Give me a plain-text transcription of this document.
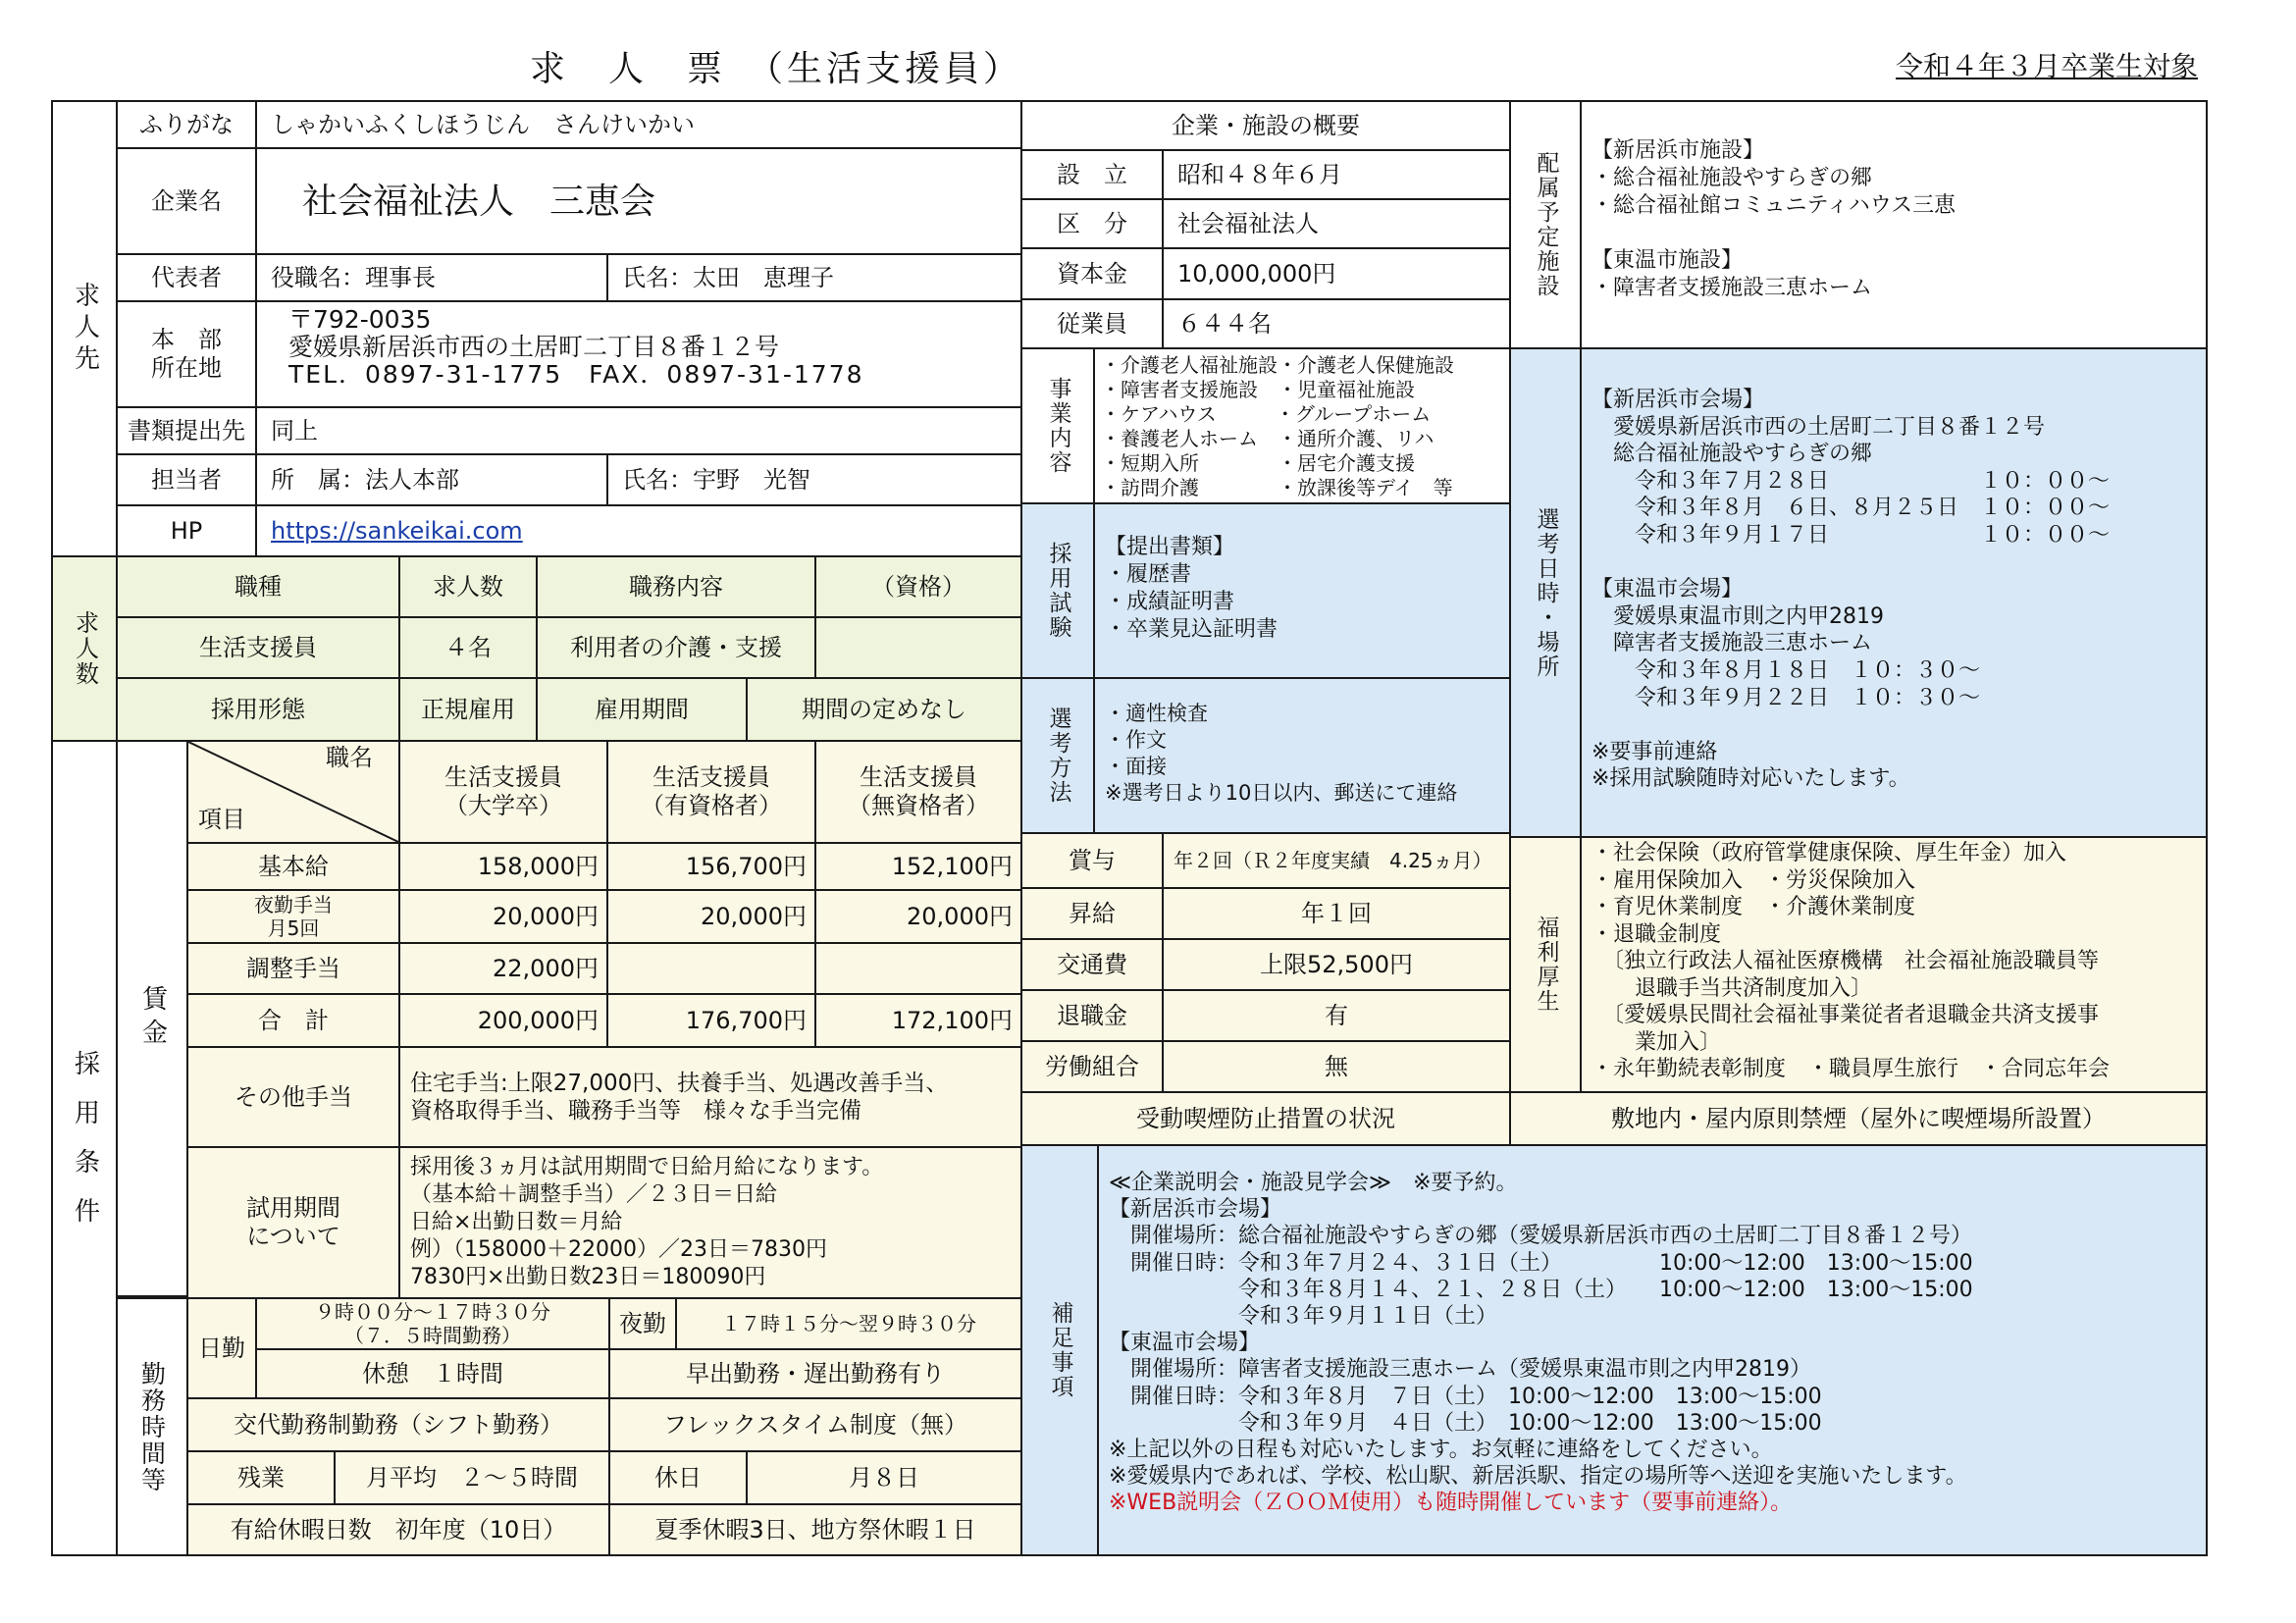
求　人　票　（生活支援員）	令和４年３月卒業生対象
求人先
ふりがな	しゃかいふくしほうじん　さんけいかい
企業名	社会福祉法人　三恵会
代表者	役職名：理事長	氏名：太田　恵理子
本　部
所在地
〒792-0035
愛媛県新居浜市西の土居町二丁目８番１２号
TEL．0897-31-1775　FAX．0897-31-1778
書類提出先	同上
担当者	所　属：法人本部	氏名：宇野　光智
HP	https://sankeikai.com
企業・施設の概要
設　立	昭和４８年６月
区　分	社会福祉法人
資本金	10,000,000円
従業員	６４４名
事業内容
・介護老人福祉施設・介護老人保健施設
・障害者支援施設　・児童福祉施設
・ケアハウス　　　・グループホーム
・養護老人ホーム　・通所介護、リハ
・短期入所　　　　・居宅介護支援
・訪問介護　　　　・放課後等デイ　等
配属予定施設
【新居浜市施設】
・総合福祉施設やすらぎの郷
・総合福祉館コミュニティハウス三恵

【東温市施設】
・障害者支援施設三恵ホーム
採用試験	【提出書類】
・履歴書
・成績証明書
・卒業見込証明書
選考方法	・適性検査
・作文
・面接
※選考日より10日以内、郵送にて連絡
選考日時・場所
【新居浜市会場】
　愛媛県新居浜市西の土居町二丁目８番１２号
　総合福祉施設やすらぎの郷
　　令和３年７月２８日　　　　　　　１０：００～
　　令和３年８月　６日、８月２５日　１０：００～
　　令和３年９月１７日　　　　　　　１０：００～

【東温市会場】
　愛媛県東温市則之内甲2819
　障害者支援施設三恵ホーム
　　令和３年８月１８日　１０：３０～
　　令和３年９月２２日　１０：３０～

※要事前連絡
※採用試験随時対応いたします。
求人数
職種	求人数	職務内容	（資格）
生活支援員	４名	利用者の介護・支援
採用形態	正規雇用	雇用期間	期間の定めなし
採用条件
賃金
職名
項目
生活支援員
（大学卒）
生活支援員
（有資格者）
生活支援員
（無資格者）
基本給	158,000円	156,700円	152,100円
夜勤手当
月5回	20,000円	20,000円	20,000円
調整手当	22,000円
合　計	200,000円	176,700円	172,100円
その他手当	住宅手当:上限27,000円、扶養手当、処遇改善手当、
資格取得手当、職務手当等　様々な手当完備
試用期間
について
採用後３ヵ月は試用期間で日給月給になります。
（基本給＋調整手当）／２３日＝日給
日給×出勤日数＝月給
例）（158000＋22000）／23日＝7830円
7830円×出勤日数23日＝180090円
賞与	年２回（Ｒ２年度実績　4.25ヵ月）
昇給	年１回
交通費	上限52,500円
退職金	有
労働組合	無
福利厚生
・社会保険（政府管掌健康保険、厚生年金）加入
・雇用保険加入　・労災保険加入
・育児休業制度　・介護休業制度
・退職金制度
　〔独立行政法人福祉医療機構　社会福祉施設職員等
　　退職手当共済制度加入〕
　〔愛媛県民間社会福祉事業従者者退職金共済支援事
　　業加入〕
・永年勤続表彰制度　・職員厚生旅行　・合同忘年会
受動喫煙防止措置の状況	敷地内・屋内原則禁煙（屋外に喫煙場所設置）
勤務時間等
日勤
９時００分～１７時３０分
（７．５時間勤務）	夜勤	１７時１５分～翌９時３０分
休憩　１時間	早出勤務・遅出勤務有り
交代勤務制勤務（シフト勤務）	フレックスタイム制度（無）
残業	月平均　２～５時間	休日	月８日
有給休暇日数　初年度（10日）	夏季休暇3日、地方祭休暇１日
補足事項
≪企業説明会・施設見学会≫　※要予約。
【新居浜市会場】
　開催場所：総合福祉施設やすらぎの郷（愛媛県新居浜市西の土居町二丁目８番１２号）
　開催日時：令和３年７月２４、３１日（土）　　　　　10:00～12:00　13:00～15:00
　　　　　　令和３年８月１４、２１、２８日（土）　　10:00～12:00　13:00～15:00
　　　　　　令和３年９月１１日（土）
【東温市会場】
　開催場所：障害者支援施設三恵ホーム（愛媛県東温市則之内甲2819）
　開催日時：令和３年８月　７日（土）　10:00～12:00　13:00～15:00
　　　　　　令和３年９月　４日（土）　10:00～12:00　13:00～15:00
※上記以外の日程も対応いたします。お気軽に連絡をしてください。
※愛媛県内であれば、学校、松山駅、新居浜駅、指定の場所等へ送迎を実施いたします。
※WEB説明会（ＺＯＯＭ使用）も随時開催しています（要事前連絡）。
